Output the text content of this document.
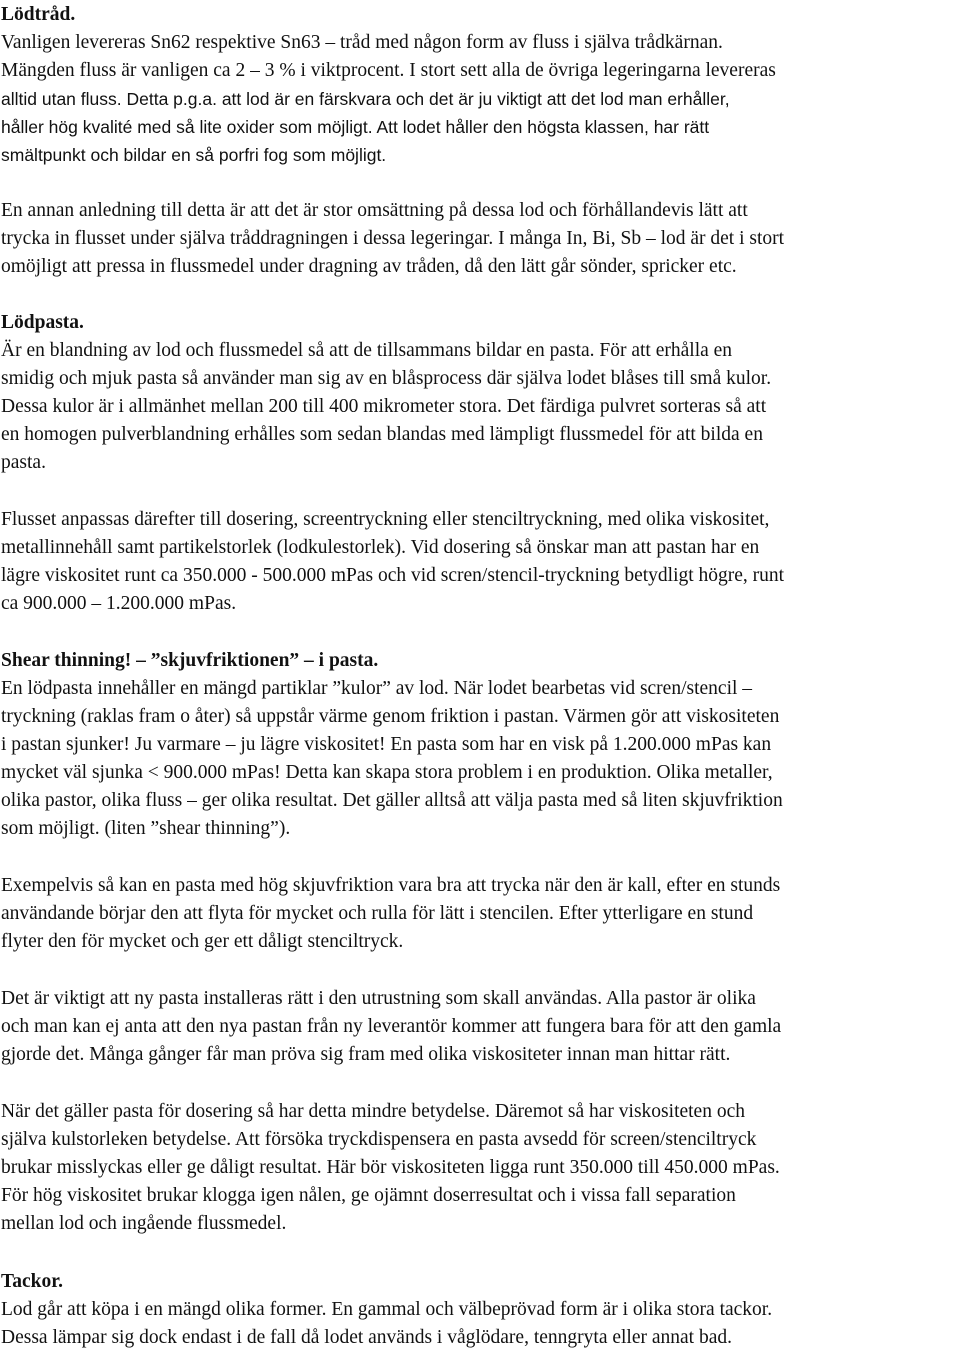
Lödtråd.
Vanligen levereras Sn62 respektive Sn63 – tråd med någon form av fluss i själva trådkärnan.
Mängden fluss är vanligen ca 2 – 3 % i viktprocent. I stort sett alla de övriga legeringarna levereras
alltid utan fluss. Detta p.g.a. att lod är en färskvara och det är ju viktigt att det lod man erhåller,
håller hög kvalité med så lite oxider som möjligt. Att lodet håller den högsta klassen, har rätt
smältpunkt och bildar en så porfri fog som möjligt.
En annan anledning till detta är att det är stor omsättning på dessa lod och förhållandevis lätt att
trycka in flusset under själva tråddragningen i dessa legeringar. I många In, Bi, Sb – lod är det i stort
omöjligt att pressa in flussmedel under dragning av tråden, då den lätt går sönder, spricker etc.
Lödpasta.
Är en blandning av lod och flussmedel så att de tillsammans bildar en pasta. För att erhålla en
smidig och mjuk pasta så använder man sig av en blåsprocess där själva lodet blåses till små kulor.
Dessa kulor är i allmänhet mellan 200 till 400 mikrometer stora. Det färdiga pulvret sorteras så att
en homogen pulverblandning erhålles som sedan blandas med lämpligt flussmedel för att bilda en
pasta.
Flusset anpassas därefter till dosering, screentryckning eller stenciltryckning, med olika viskositet,
metallinnehåll samt partikelstorlek (lodkulestorlek). Vid dosering så önskar man att pastan har en
lägre viskositet runt ca 350.000 - 500.000 mPas och vid scren/stencil-tryckning betydligt högre, runt
ca 900.000 – 1.200.000 mPas.
Shear thinning! – ”skjuvfriktionen” – i pasta.
En lödpasta innehåller en mängd partiklar ”kulor” av lod. När lodet bearbetas vid scren/stencil –
tryckning (raklas fram o åter) så uppstår värme genom friktion i pastan. Värmen gör att viskositeten
i pastan sjunker! Ju varmare – ju lägre viskositet! En pasta som har en visk på 1.200.000 mPas kan
mycket väl sjunka < 900.000 mPas! Detta kan skapa stora problem i en produktion. Olika metaller,
olika pastor, olika fluss – ger olika resultat. Det gäller alltså att välja pasta med så liten skjuvfriktion
som möjligt. (liten ”shear thinning”).
Exempelvis så kan en pasta med hög skjuvfriktion vara bra att trycka när den är kall, efter en stunds
användande börjar den att flyta för mycket och rulla för lätt i stencilen. Efter ytterligare en stund
flyter den för mycket och ger ett dåligt stenciltryck.
Det är viktigt att ny pasta installeras rätt i den utrustning som skall användas. Alla pastor är olika
och man kan ej anta att den nya pastan från ny leverantör kommer att fungera bara för att den gamla
gjorde det. Många gånger får man pröva sig fram med olika viskositeter innan man hittar rätt.
När det gäller pasta för dosering så har detta mindre betydelse. Däremot så har viskositeten och
själva kulstorleken betydelse. Att försöka tryckdispensera en pasta avsedd för screen/stenciltryck
brukar misslyckas eller ge dåligt resultat. Här bör viskositeten ligga runt 350.000 till 450.000 mPas.
För hög viskositet brukar klogga igen nålen, ge ojämnt doserresultat och i vissa fall separation
mellan lod och ingående flussmedel.
Tackor.
Lod går att köpa i en mängd olika former. En gammal och välbeprövad form är i olika stora tackor.
Dessa lämpar sig dock endast i de fall då lodet används i våglödare, tenngryta eller annat bad.
